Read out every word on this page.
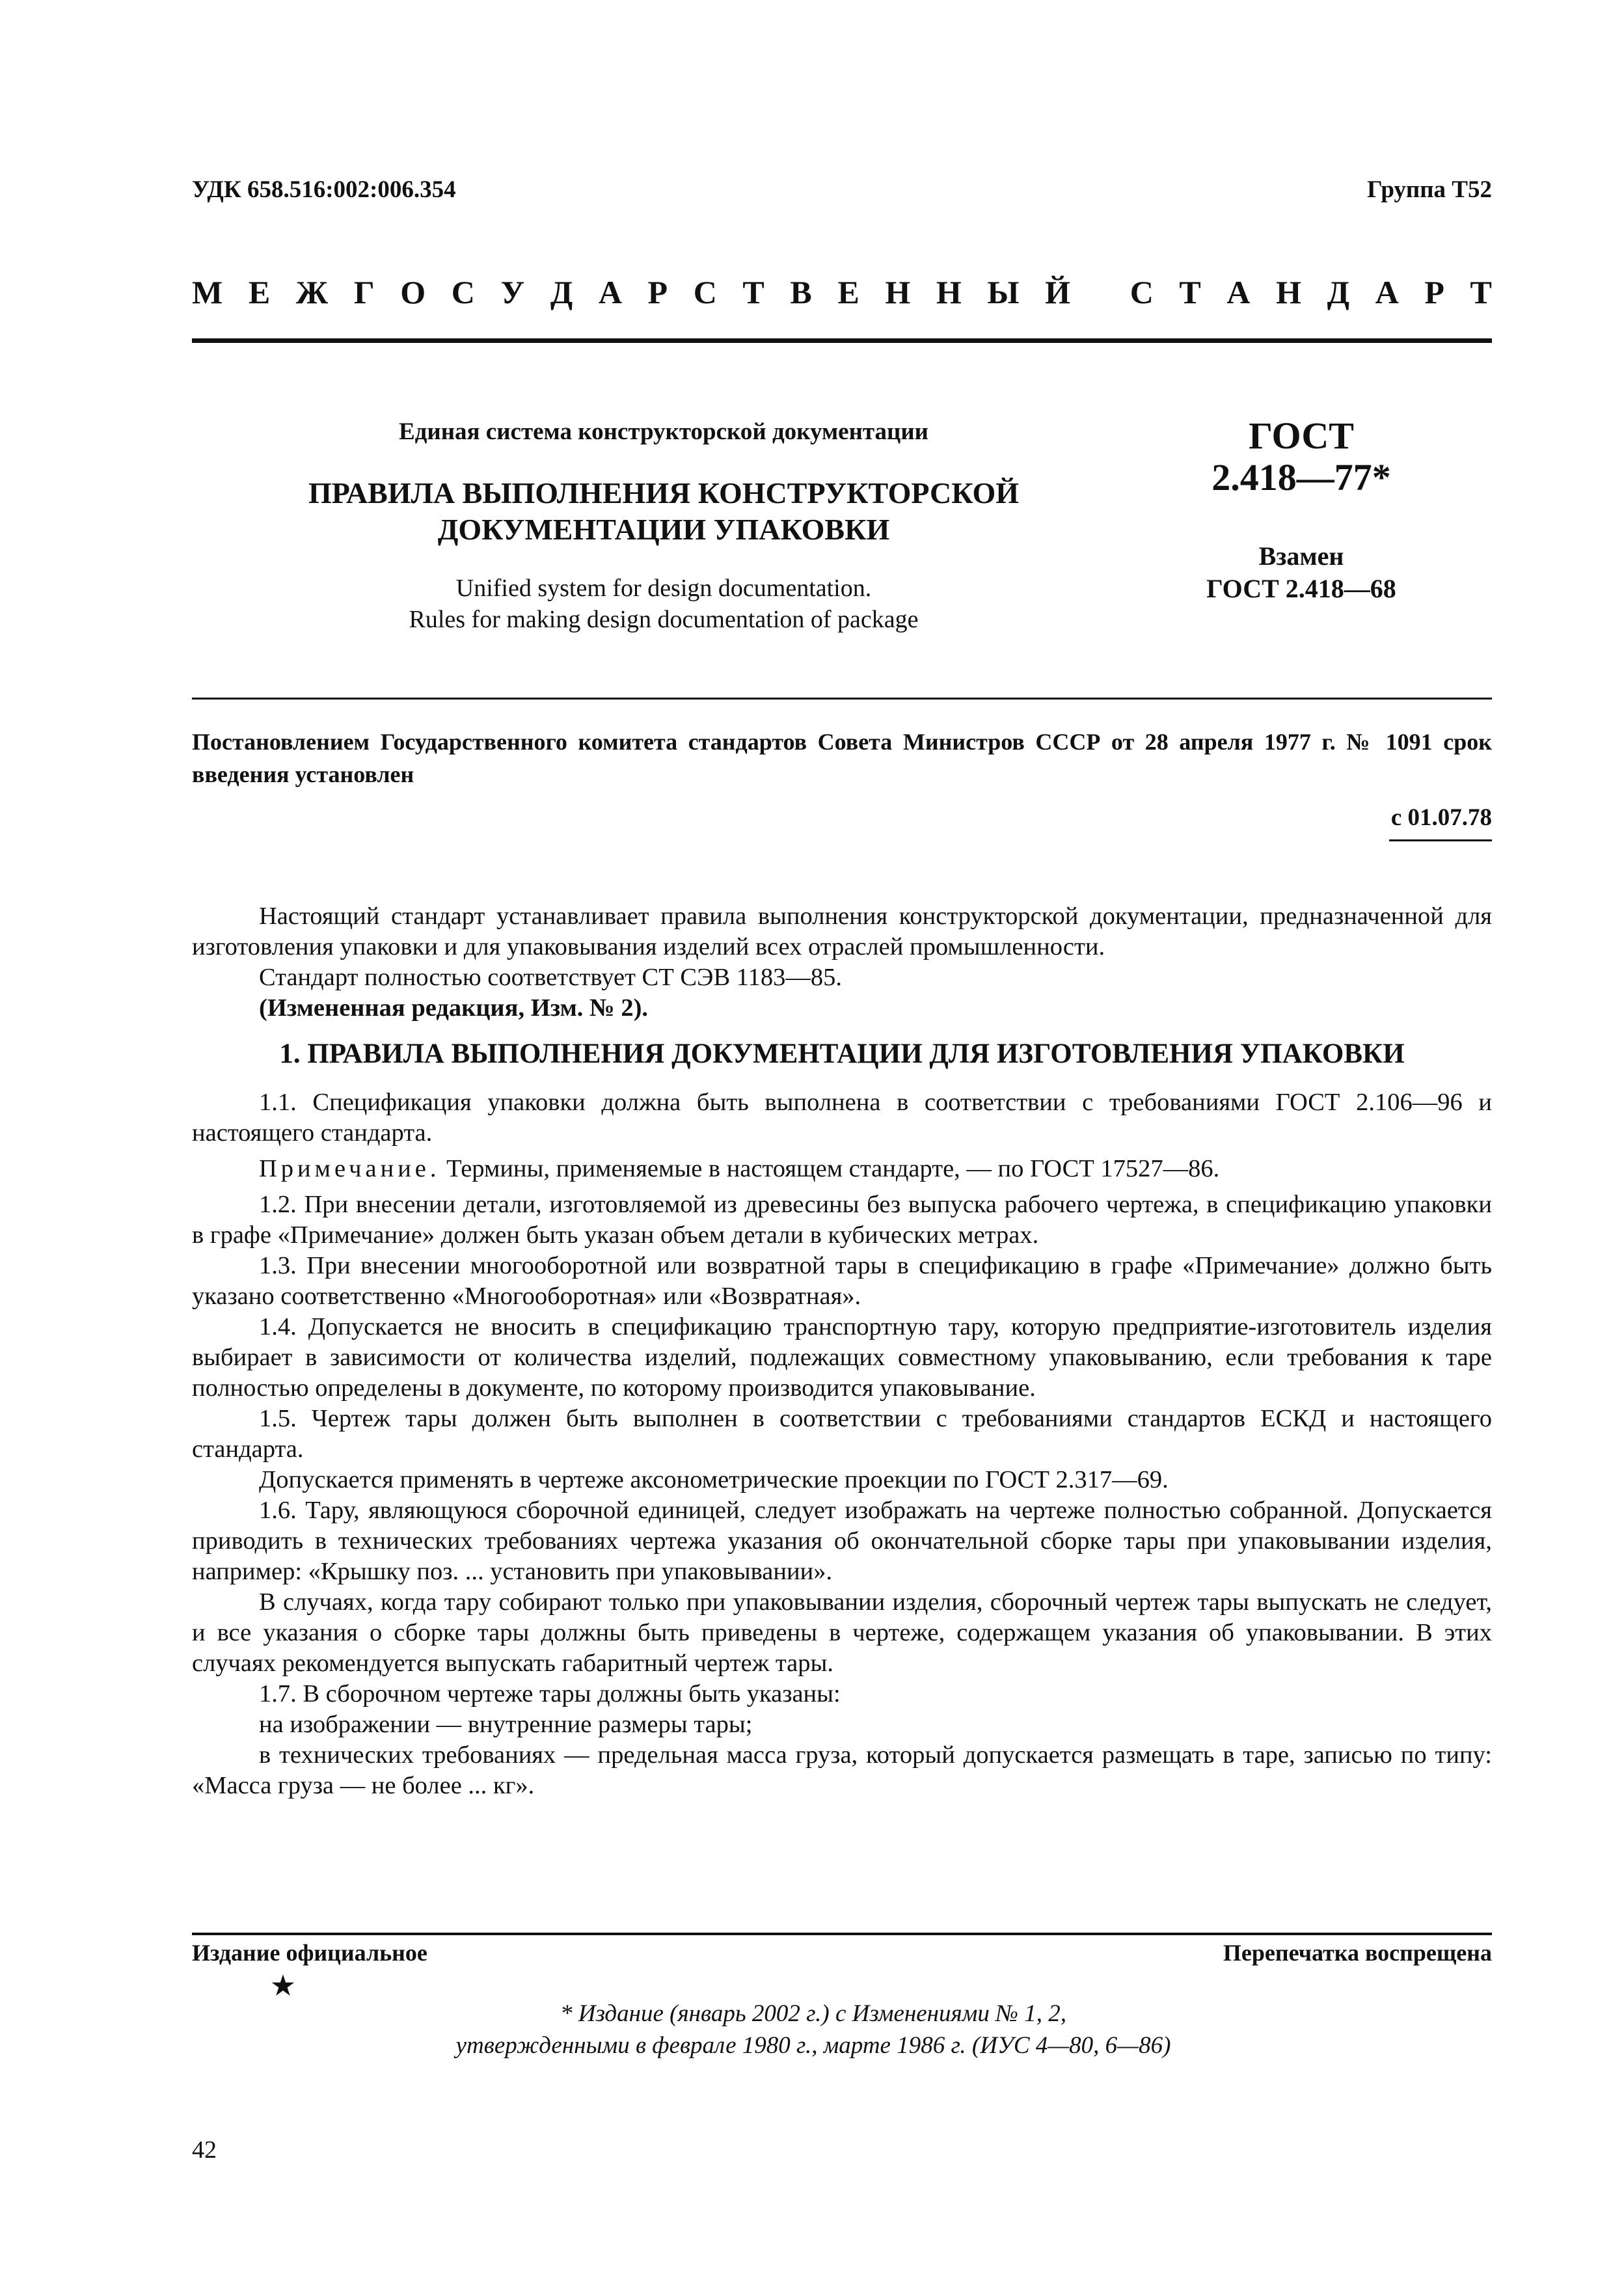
УДК 658.516:002:006.354	Группа Т52
М Е Ж Г О С У Д А Р С Т В Е Н Н Ы Й
С Т А Н Д А Р Т
Единая система конструкторской документации
ПРАВИЛА ВЫПОЛНЕНИЯ КОНСТРУКТОРСКОЙ
ДОКУМЕНТАЦИИ УПАКОВКИ
Unified system for design documentation.
Rules for making design documentation of package
ГОСТ
2.418—77*
Взамен
ГОСТ 2.418—68
Постановлением Государственного комитета стандартов Совета Министров СССР от 28 апреля 1977 г. № 1091 срок введения установлен
с 01.07.78

Настоящий стандарт устанавливает правила выполнения конструкторской документации, предназначенной для изготовления упаковки и для упаковывания изделий всех отраслей промышленности.

Стандарт полностью соответствует СТ СЭВ 1183—85.

(Измененная редакция, Изм. № 2).

1. ПРАВИЛА ВЫПОЛНЕНИЯ ДОКУМЕНТАЦИИ ДЛЯ ИЗГОТОВЛЕНИЯ УПАКОВКИ

1.1. Спецификация упаковки должна быть выполнена в соответствии с требованиями ГОСТ 2.106—96 и настоящего стандарта.

Примечание. Термины, применяемые в настоящем стандарте, — по ГОСТ 17527—86.

1.2. При внесении детали, изготовляемой из древесины без выпуска рабочего чертежа, в спецификацию упаковки в графе «Примечание» должен быть указан объем детали в кубических метрах.

1.3. При внесении многооборотной или возвратной тары в спецификацию в графе «Примечание» должно быть указано соответственно «Многооборотная» или «Возвратная».

1.4. Допускается не вносить в спецификацию транспортную тару, которую предприятие-изготовитель изделия выбирает в зависимости от количества изделий, подлежащих совместному упаковыванию, если требования к таре полностью определены в документе, по которому производится упаковывание.

1.5. Чертеж тары должен быть выполнен в соответствии с требованиями стандартов ЕСКД и настоящего стандарта.

Допускается применять в чертеже аксонометрические проекции по ГОСТ 2.317—69.

1.6. Тару, являющуюся сборочной единицей, следует изображать на чертеже полностью собранной. Допускается приводить в технических требованиях чертежа указания об окончательной сборке тары при упаковывании изделия, например: «Крышку поз. ... установить при упаковывании».

В случаях, когда тару собирают только при упаковывании изделия, сборочный чертеж тары выпускать не следует, и все указания о сборке тары должны быть приведены в чертеже, содержащем указания об упаковывании. В этих случаях рекомендуется выпускать габаритный чертеж тары.

1.7. В сборочном чертеже тары должны быть указаны:

на изображении — внутренние размеры тары;

в технических требованиях — предельная масса груза, который допускается размещать в таре, записью по типу: «Масса груза — не более ... кг».

Издание официальное	Перепечатка воспрещена
★
* Издание (январь 2002 г.) с Изменениями № 1, 2,
утвержденными в феврале 1980 г., марте 1986 г. (ИУС 4—80, 6—86)
42
